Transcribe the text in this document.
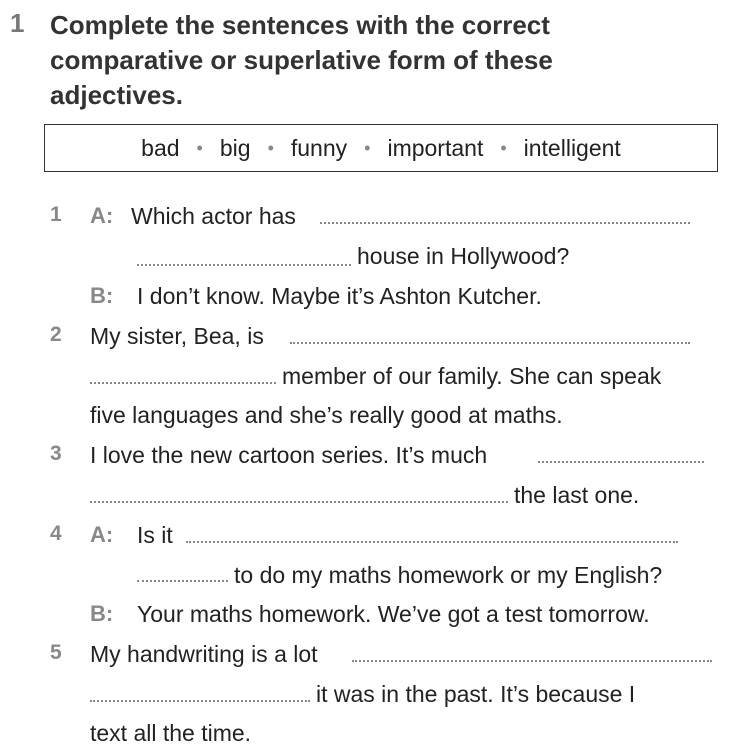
1 Complete the sentences with the correct
comparative or superlative form of these
adjectives.
bad • big • funny • important • intelligent
1 A: Which actor has
house in Hollywood?
B: I don’t know. Maybe it’s Ashton Kutcher.
2 My sister, Bea, is
member of our family. She can speak
five languages and she’s really good at maths.
3 I love the new cartoon series. It’s much
the last one.
4 A: Is it
to do my maths homework or my English?
B: Your maths homework. We’ve got a test tomorrow.
5 My handwriting is a lot
it was in the past. It’s because I
text all the time.
